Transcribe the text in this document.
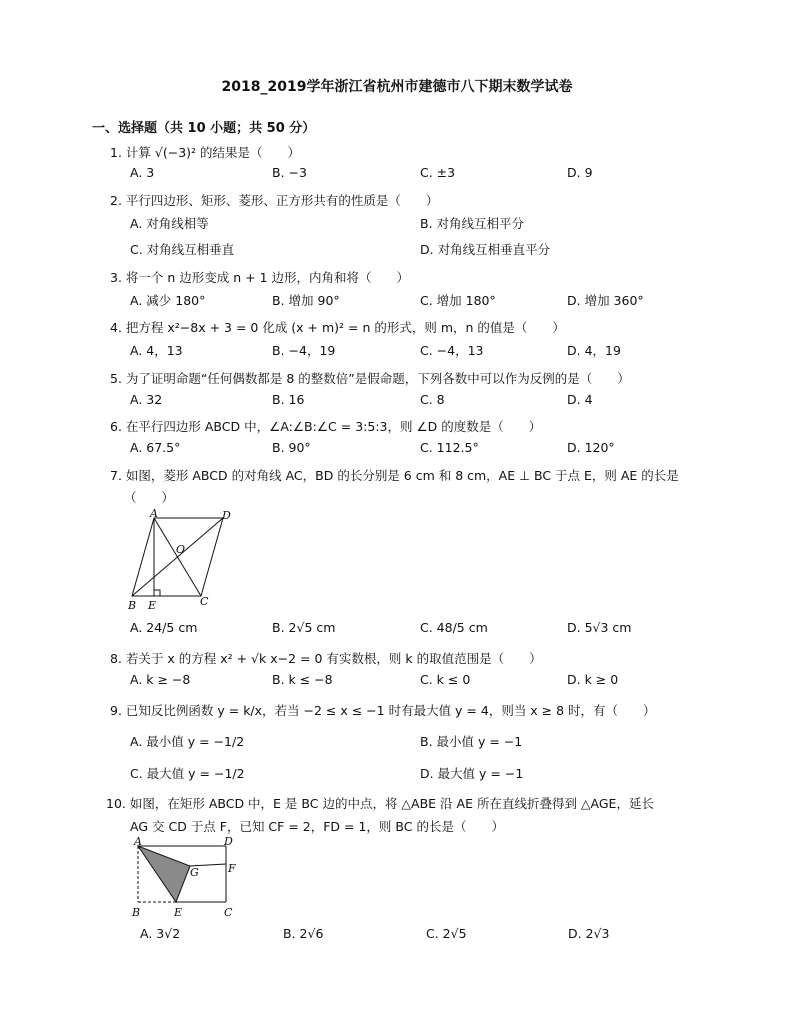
2018_2019学年浙江省杭州市建德市八下期末数学试卷
一、选择题（共 10 小题；共 50 分）
1. 计算 √(−3)² 的结果是（　　）
A. 3	B. −3	C. ±3	D. 9
2. 平行四边形、矩形、菱形、正方形共有的性质是（　　）
A. 对角线相等	B. 对角线互相平分
C. 对角线互相垂直	D. 对角线互相垂直平分
3. 将一个 n 边形变成 n + 1 边形，内角和将（　　）
A. 减少 180°	B. 增加 90°	C. 增加 180°	D. 增加 360°
4. 把方程 x²−8x + 3 = 0 化成 (x + m)² = n 的形式，则 m，n 的值是（　　）
A. 4，13	B. −4，19	C. −4，13	D. 4，19
5. 为了证明命题“任何偶数都是 8 的整数倍”是假命题，下列各数中可以作为反例的是（　　）
A. 32	B. 16	C. 8	D. 4
6. 在平行四边形 ABCD 中，∠A:∠B:∠C = 3:5:3，则 ∠D 的度数是（　　）
A. 67.5°	B. 90°	C. 112.5°	D. 120°
7. 如图，菱形 ABCD 的对角线 AC，BD 的长分别是 6 cm 和 8 cm，AE ⊥ BC 于点 E，则 AE 的长是
（　　）
A	D
O
B E	C
A. 24/5 cm	B. 2√5 cm	C. 48/5 cm	D. 5√3 cm
8. 若关于 x 的方程 x² + √k x−2 = 0 有实数根，则 k 的取值范围是（　　）
A. k ≥ −8	B. k ≤ −8	C. k ≤ 0	D. k ≥ 0
9. 已知反比例函数 y = k/x，若当 −2 ≤ x ≤ −1 时有最大值 y = 4，则当 x ≥ 8 时，有（　　）
A. 最小值 y = −1/2	B. 最小值 y = −1
C. 最大值 y = −1/2	D. 最大值 y = −1
10. 如图，在矩形 ABCD 中，E 是 BC 边的中点，将 △ABE 沿 AE 所在直线折叠得到 △AGE，延长
AG 交 CD 于点 F，已知 CF = 2，FD = 1，则 BC 的长是（　　）
A	D
F
G
B	E	C
A. 3√2	B. 2√6	C. 2√5	D. 2√3
